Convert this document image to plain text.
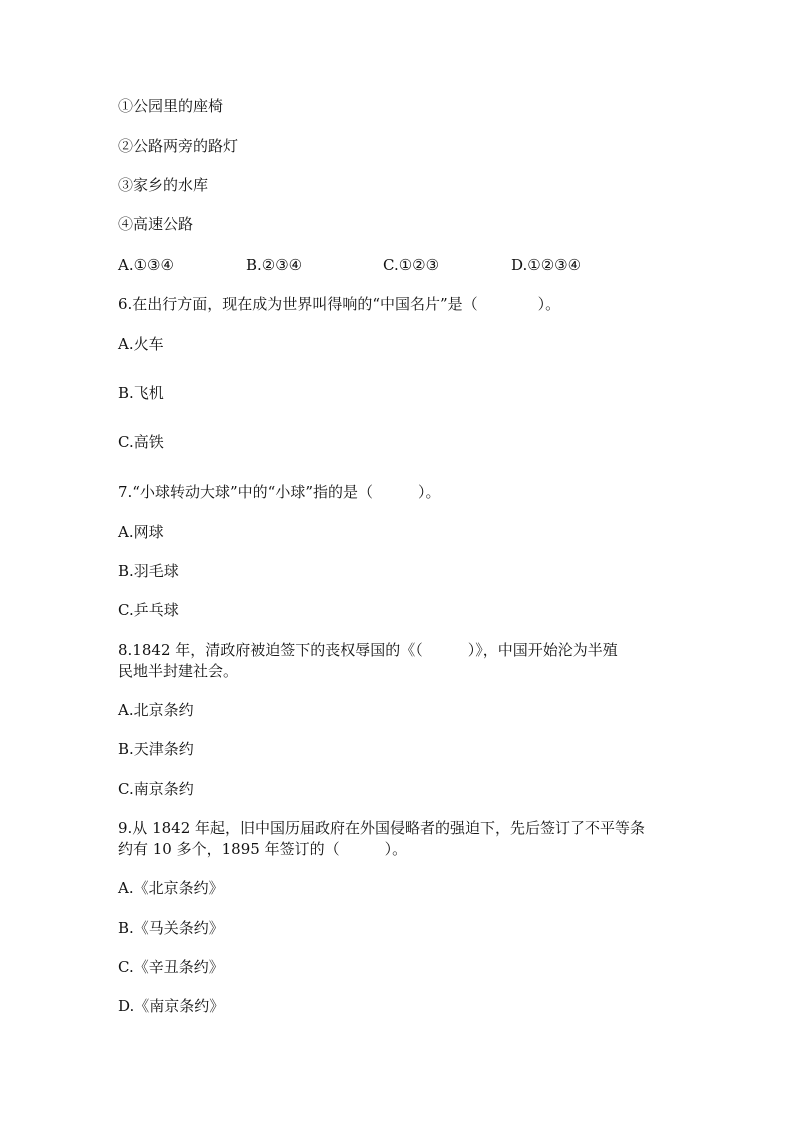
①公园里的座椅
②公路两旁的路灯
③家乡的水库
④高速公路
A.①③④	B.②③④	C.①②③	D.①②③④
6.在出行方面，现在成为世界叫得响的“中国名片”是（　　　　）。
A.火车
B.飞机
C.高铁
7.“小球转动大球”中的“小球”指的是（　　　）。
A.网球
B.羽毛球
C.乒乓球
8.1842 年，清政府被迫签下的丧权辱国的《（　　　）》，中国开始沦为半殖
民地半封建社会。
A.北京条约
B.天津条约
C.南京条约
9.从 1842 年起，旧中国历届政府在外国侵略者的强迫下，先后签订了不平等条
约有 10 多个，1895 年签订的（　　　）。
A.《北京条约》
B.《马关条约》
C.《辛丑条约》
D.《南京条约》
